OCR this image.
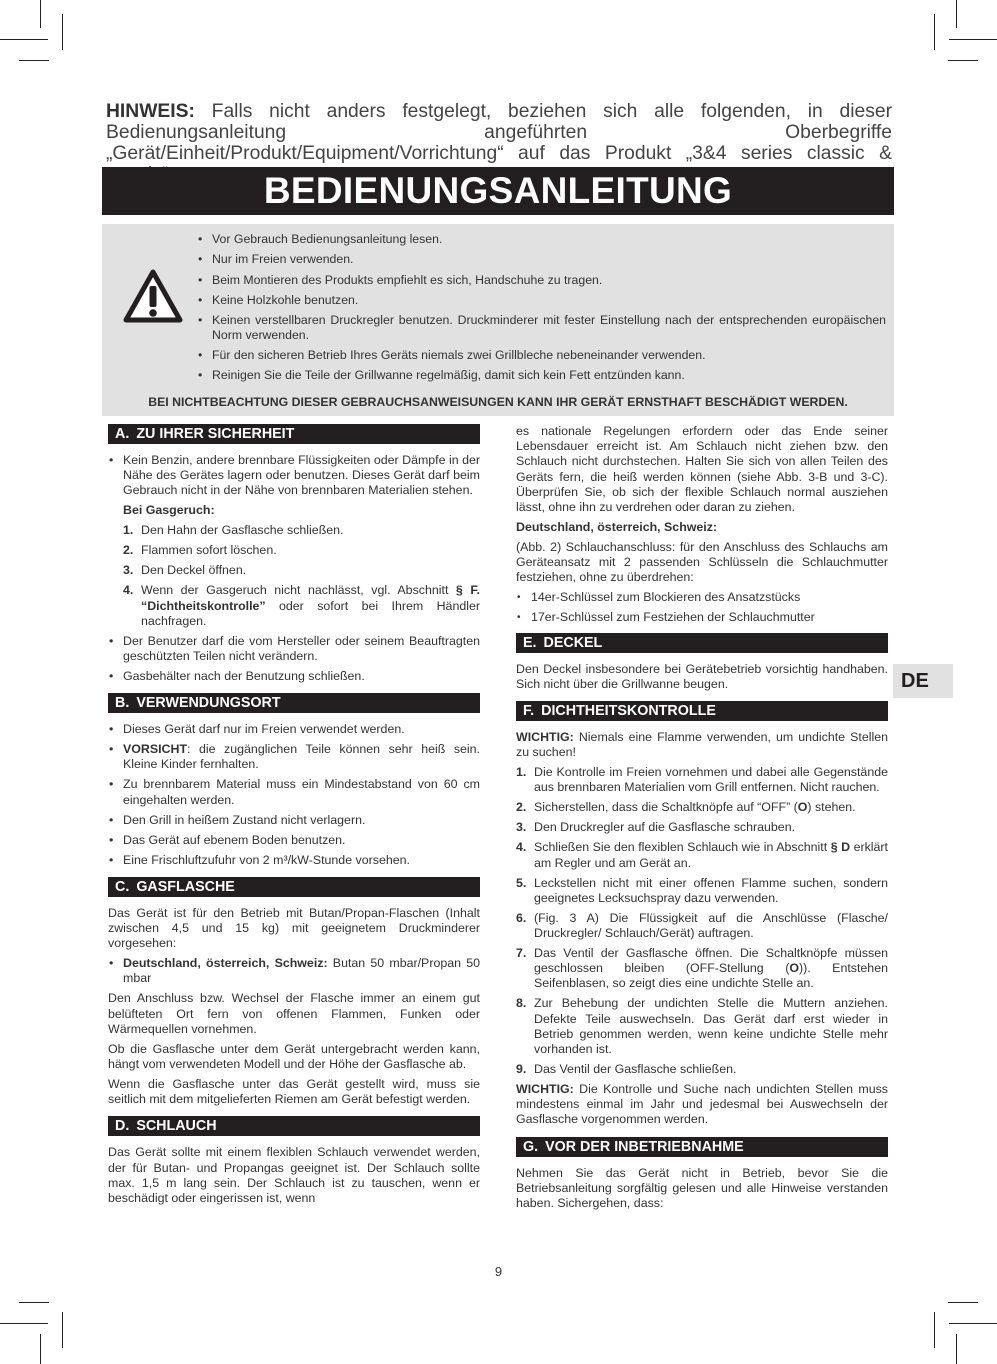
HINWEIS: Falls nicht anders festgelegt, beziehen sich alle folgenden, in dieser Bedienungsanleitung angeführten Oberbegriffe „Gerät/Einheit/Produkt/Equipment/Vorrichtung“ auf das Produkt „3&4 series classic &
BEDIENUNGSANLEITUNG
• Vor Gebrauch Bedienungsanleitung lesen.
• Nur im Freien verwenden.
• Beim Montieren des Produkts empfiehlt es sich, Handschuhe zu tragen.
• Keine Holzkohle benutzen.
• Keinen verstellbaren Druckregler benutzen. Druckminderer mit fester Einstellung nach der entsprechenden europäischen Norm verwenden.
• Für den sicheren Betrieb Ihres Geräts niemals zwei Grillbleche nebeneinander verwenden.
• Reinigen Sie die Teile der Grillwanne regelmäßig, damit sich kein Fett entzünden kann.
BEI NICHTBEACHTUNG DIESER GEBRAUCHSANWEISUNGEN KANN IHR GERÄT ERNSTHAFT BESCHÄDIGT WERDEN.
A. ZU IHRER SICHERHEIT
• Kein Benzin, andere brennbare Flüssigkeiten oder Dämpfe in der Nähe des Gerätes lagern oder benutzen. Dieses Gerät darf beim Gebrauch nicht in der Nähe von brennbaren Materialien stehen.
Bei Gasgeruch:
1. Den Hahn der Gasflasche schließen.
2. Flammen sofort löschen.
3. Den Deckel öffnen.
4. Wenn der Gasgeruch nicht nachlässt, vgl. Abschnitt § F. “Dichtheitskontrolle” oder sofort bei Ihrem Händler nachfragen.
• Der Benutzer darf die vom Hersteller oder seinem Beauftragten geschützten Teilen nicht verändern.
• Gasbehälter nach der Benutzung schließen.
B. VERWENDUNGSORT
• Dieses Gerät darf nur im Freien verwendet werden.
• VORSICHT: die zugänglichen Teile können sehr heiß sein. Kleine Kinder fernhalten.
• Zu brennbarem Material muss ein Mindestabstand von 60 cm eingehalten werden.
• Den Grill in heißem Zustand nicht verlagern.
• Das Gerät auf ebenem Boden benutzen.
• Eine Frischluftzufuhr von 2 m³/kW-Stunde vorsehen.
C. GASFLASCHE

Das Gerät ist für den Betrieb mit Butan/Propan-Flaschen (Inhalt zwischen 4,5 und 15 kg) mit geeignetem Druckminderer vorgesehen:

• Deutschland, österreich, Schweiz: Butan 50 mbar/Propan 50 mbar

Den Anschluss bzw. Wechsel der Flasche immer an einem gut belüfteten Ort fern von offenen Flammen, Funken oder Wärmequellen vornehmen.

Ob die Gasflasche unter dem Gerät untergebracht werden kann, hängt vom verwendeten Modell und der Höhe der Gasflasche ab.

Wenn die Gasflasche unter das Gerät gestellt wird, muss sie seitlich mit dem mitgelieferten Riemen am Gerät befestigt werden.

D. SCHLAUCH

Das Gerät sollte mit einem flexiblen Schlauch verwendet werden, der für Butan- und Propangas geeignet ist. Der Schlauch sollte max. 1,5 m lang sein. Der Schlauch ist zu tauschen, wenn er beschädigt oder eingerissen ist, wenn

es nationale Regelungen erfordern oder das Ende seiner Lebensdauer erreicht ist. Am Schlauch nicht ziehen bzw. den Schlauch nicht durchstechen. Halten Sie sich von allen Teilen des Geräts fern, die heiß werden können (siehe Abb. 3-B und 3-C). Überprüfen Sie, ob sich der flexible Schlauch normal ausziehen lässt, ohne ihn zu verdrehen oder daran zu ziehen.

Deutschland, österreich, Schweiz:

(Abb. 2) Schlauchanschluss: für den Anschluss des Schlauchs am Geräteansatz mit 2 passenden Schlüsseln die Schlauchmutter festziehen, ohne zu überdrehen:

• 14er-Schlüssel zum Blockieren des Ansatzstücks
• 17er-Schlüssel zum Festziehen der Schlauchmutter
E. DECKEL

Den Deckel insbesondere bei Gerätebetrieb vorsichtig handhaben. Sich nicht über die Grillwanne beugen.

F. DICHTHEITSKONTROLLE

WICHTIG: Niemals eine Flamme verwenden, um undichte Stellen zu suchen!

1. Die Kontrolle im Freien vornehmen und dabei alle Gegenstände aus brennbaren Materialien vom Grill entfernen. Nicht rauchen.
2. Sicherstellen, dass die Schaltknöpfe auf “OFF” (O) stehen.
3. Den Druckregler auf die Gasflasche schrauben.
4. Schließen Sie den flexiblen Schlauch wie in Abschnitt § D erklärt am Regler und am Gerät an.
5. Leckstellen nicht mit einer offenen Flamme suchen, sondern geeignetes Lecksuchspray dazu verwenden.
6. (Fig. 3 A) Die Flüssigkeit auf die Anschlüsse (Flasche/ Druckregler/ Schlauch/Gerät) auftragen.
7. Das Ventil der Gasflasche öffnen. Die Schaltknöpfe müssen geschlossen bleiben (OFF-Stellung (O)). Entstehen Seifenblasen, so zeigt dies eine undichte Stelle an.
8. Zur Behebung der undichten Stelle die Muttern anziehen. Defekte Teile auswechseln. Das Gerät darf erst wieder in Betrieb genommen werden, wenn keine undichte Stelle mehr vorhanden ist.
9. Das Ventil der Gasflasche schließen.

WICHTIG: Die Kontrolle und Suche nach undichten Stellen muss mindestens einmal im Jahr und jedesmal bei Auswechseln der Gasflasche vorgenommen werden.

G. VOR DER INBETRIEBNAHME

Nehmen Sie das Gerät nicht in Betrieb, bevor Sie die Betriebsanleitung sorgfältig gelesen und alle Hinweise verstanden haben. Sichergehen, dass:

DE
9
